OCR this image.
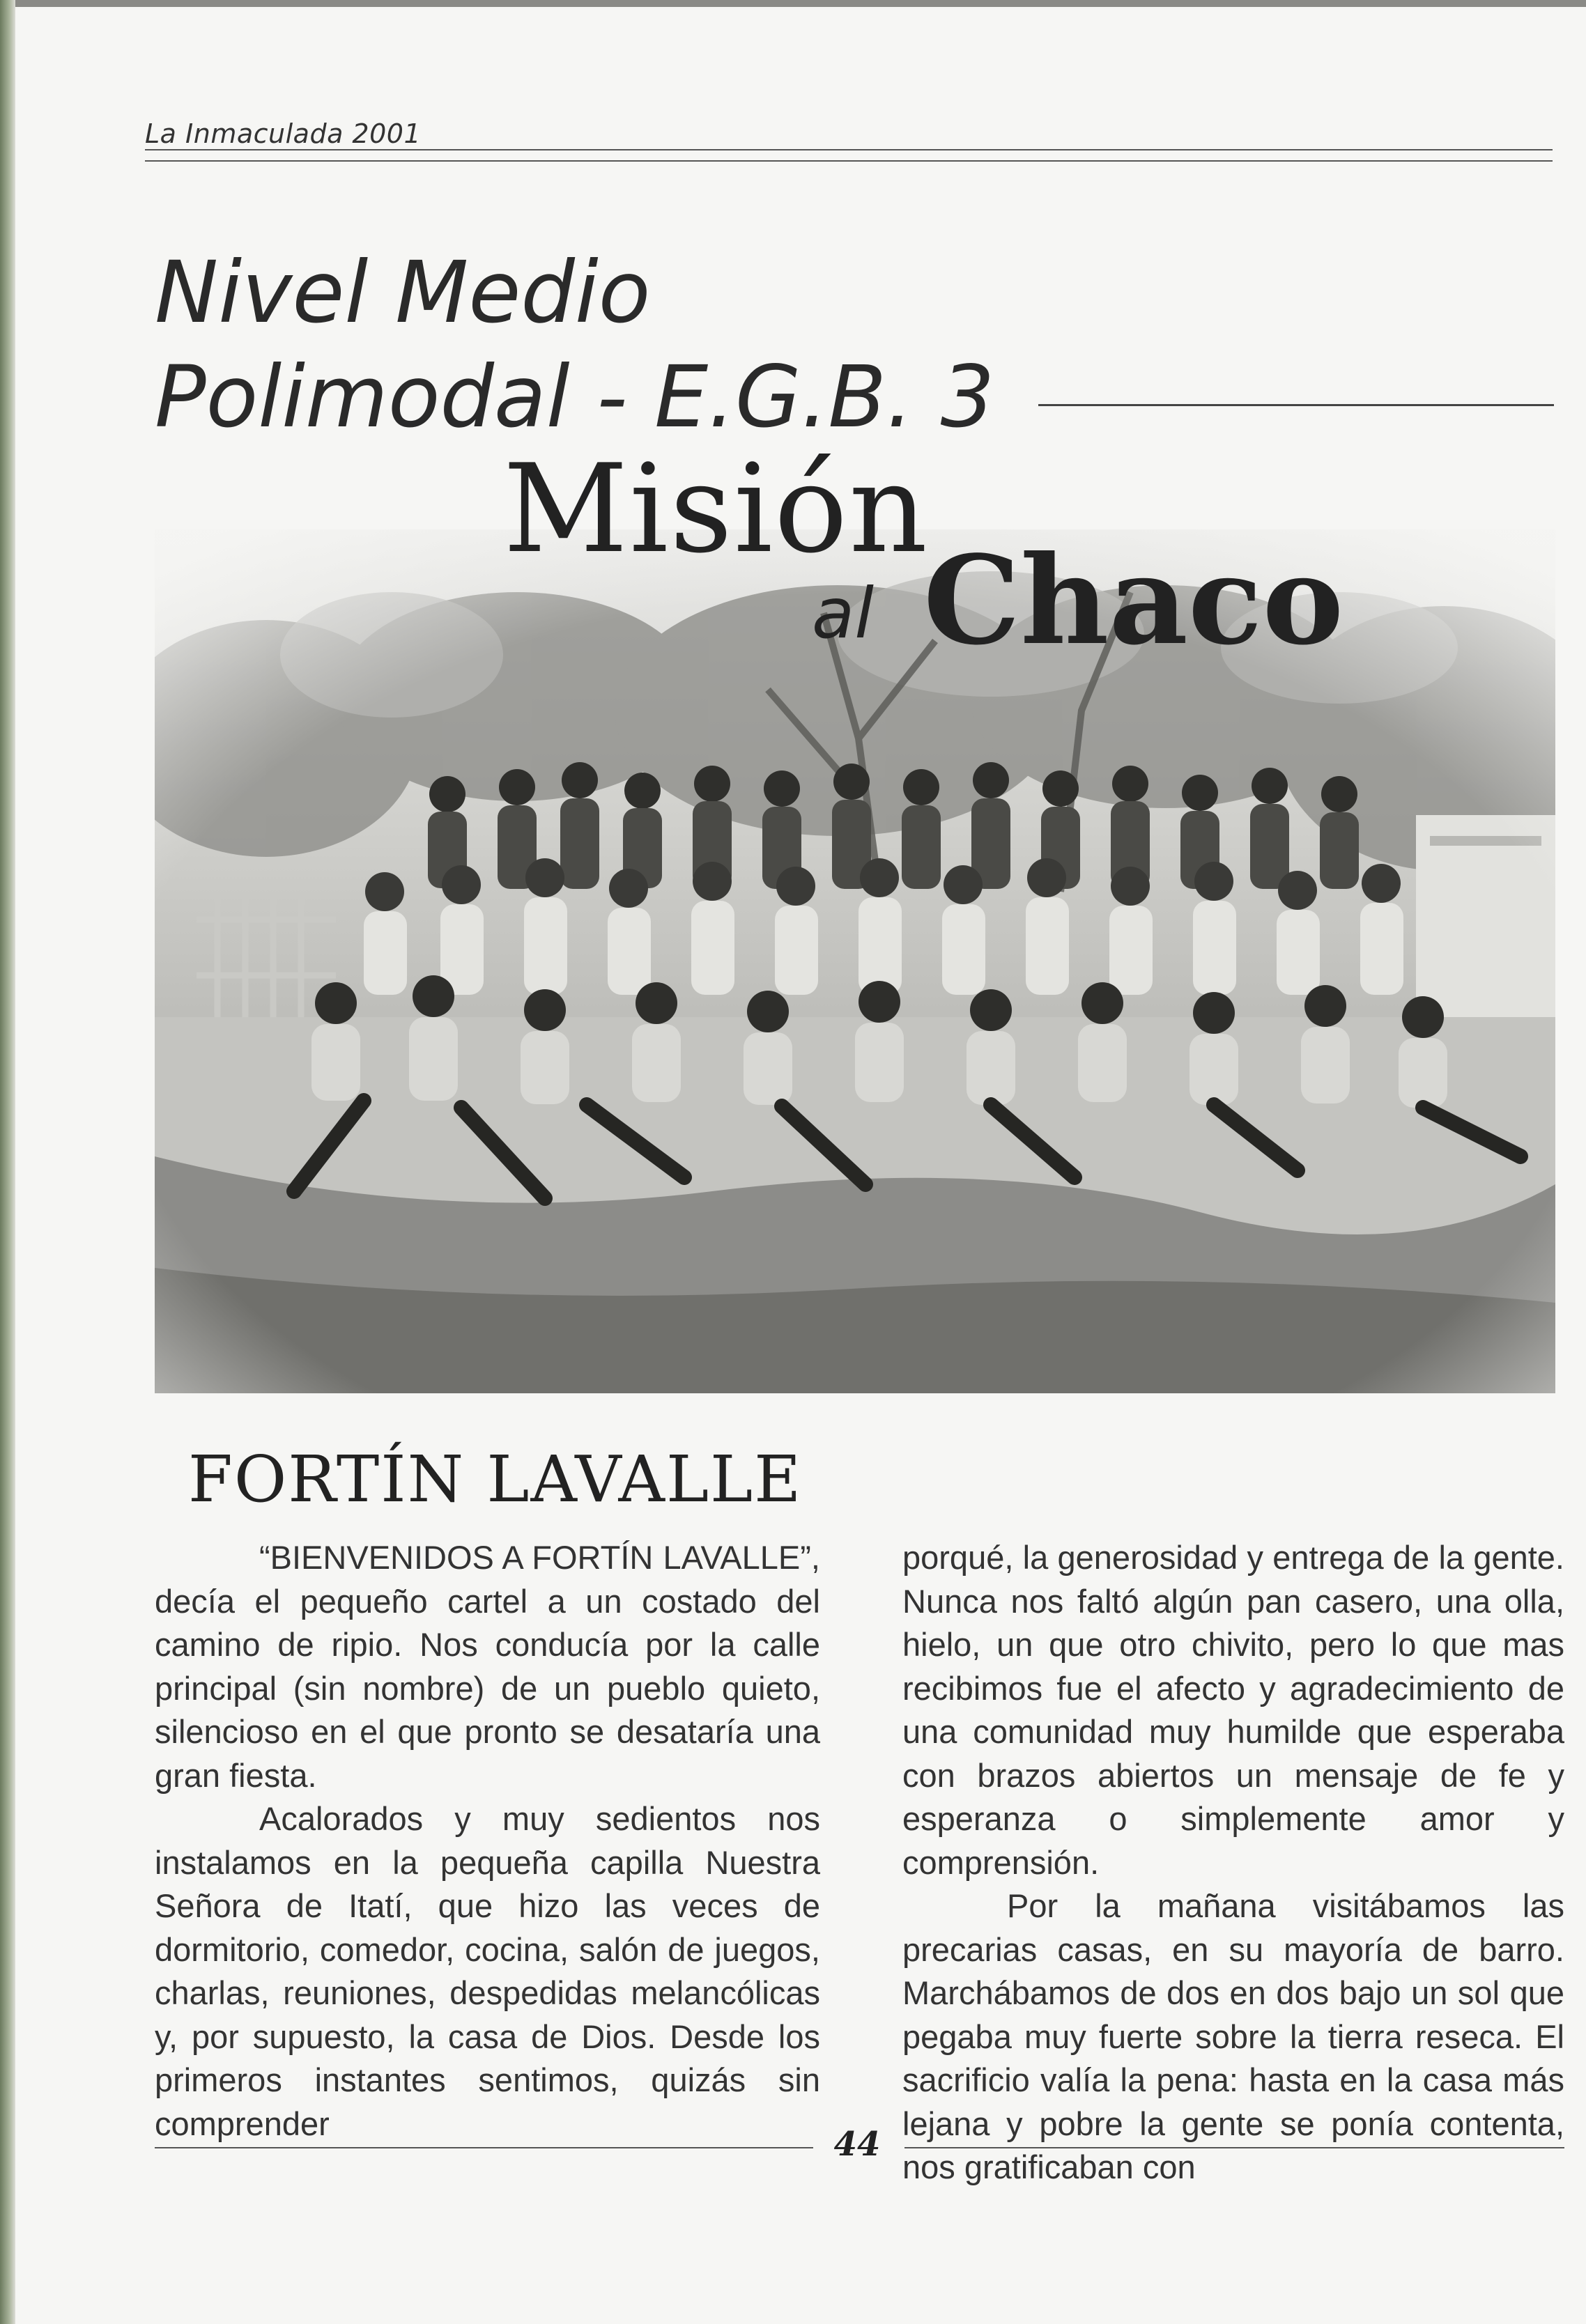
La Inmaculada 2001
Nivel Medio
Polimodal - E.G.B. 3
Misión
al Chaco
FORTÍN LAVALLE

“BIENVENIDOS A FORTÍN LAVALLE”, decía el pequeño cartel a un costado del camino de ripio. Nos conducía por la calle principal (sin nombre) de un pueblo quieto, silencioso en el que pronto se desataría una gran fiesta.

Acalorados y muy sedientos nos instalamos en la pequeña capilla Nuestra Señora de Itatí, que hizo las veces de dormitorio, comedor, cocina, salón de juegos, charlas, reuniones, despedidas melancólicas y, por supuesto, la casa de Dios. Desde los primeros instantes sentimos, quizás sin comprender

porqué, la generosidad y entrega de la gente. Nunca nos faltó algún pan casero, una olla, hielo, un que otro chivito, pero lo que mas recibimos fue el afecto y agradecimiento de una comunidad muy humilde que esperaba con brazos abiertos un mensaje de fe y esperanza o simplemente amor y comprensión.

Por la mañana visitábamos las precarias casas, en su mayoría de barro. Marchábamos de dos en dos bajo un sol que pegaba muy fuerte sobre la tierra reseca. El sacrificio valía la pena: hasta en la casa más lejana y pobre la gente se ponía contenta, nos gratificaban con

44
